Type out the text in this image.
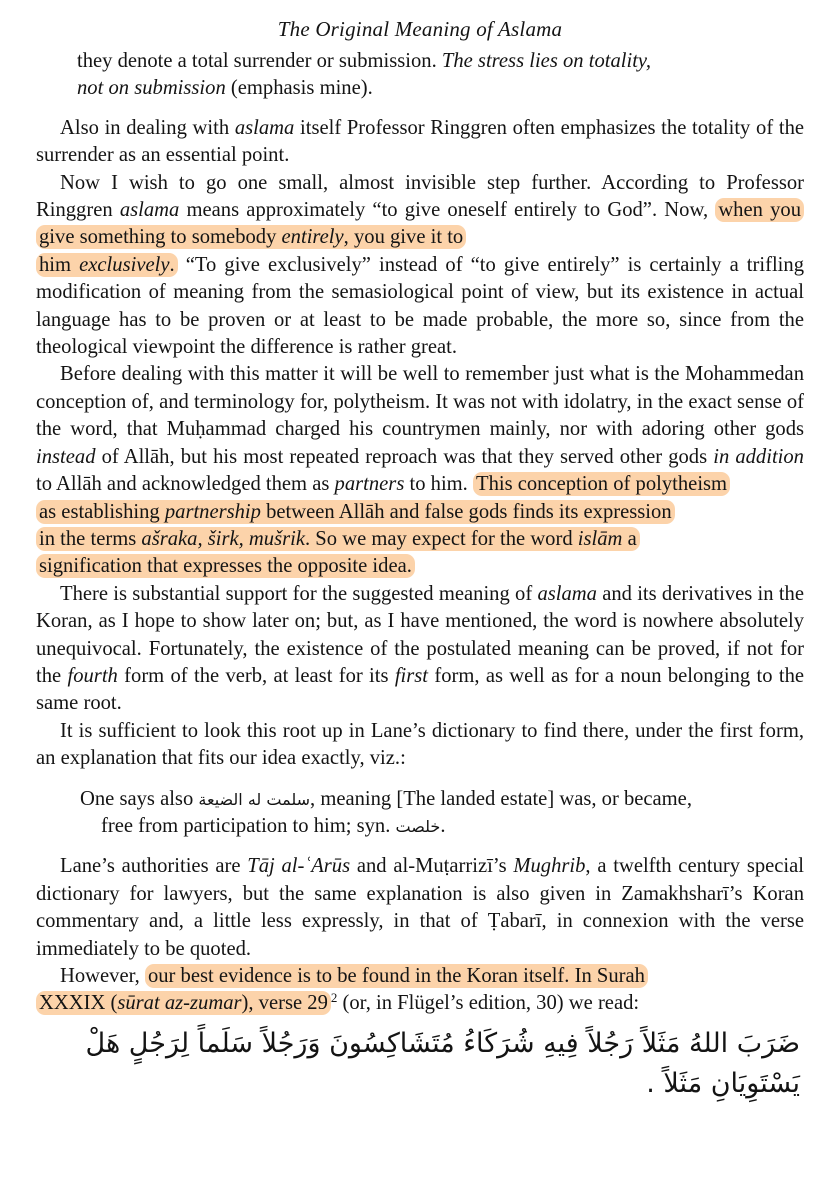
The Original Meaning of Aslama

they denote a total surrender or submission. The stress lies on totality,
not on submission (emphasis mine).

Also in dealing with aslama itself Professor Ringgren often emphasizes the totality of the surrender as an essential point.

Now I wish to go one small, almost invisible step further. According to Professor Ringgren aslama means approximately “to give oneself entirely to God”. Now, when you give something to somebody entirely, you give it to
him exclusively. “To give exclusively” instead of “to give entirely” is certainly a trifling modification of meaning from the semasiological point of view, but its existence in actual language has to be proven or at least to be made probable, the more so, since from the theological viewpoint the difference is rather great.

Before dealing with this matter it will be well to remember just what is the Mohammedan conception of, and terminology for, polytheism. It was not with idolatry, in the exact sense of the word, that Muḥammad charged his countrymen mainly, nor with adoring other gods instead of Allāh, but his most repeated reproach was that they served other gods in addition to Allāh and acknowledged them as partners to him. This conception of polytheism
as establishing partnership between Allāh and false gods finds its expression
in the terms ašraka, širk, mušrik. So we may expect for the word islām a
signification that expresses the opposite idea.

There is substantial support for the suggested meaning of aslama and its derivatives in the Koran, as I hope to show later on; but, as I have mentioned, the word is nowhere absolutely unequivocal. Fortunately, the existence of the postulated meaning can be proved, if not for the fourth form of the verb, at least for its first form, as well as for a noun belonging to the same root.

It is sufficient to look this root up in Lane’s dictionary to find there, under the first form, an explanation that fits our idea exactly, viz.:

One says also سلمت له الضيعة, meaning [The landed estate] was, or became,
free from participation to him; syn. خلصت.

Lane’s authorities are Tāj al-ʿArūs and al-Muṭarrizī’s Mughrib, a twelfth century special dictionary for lawyers, but the same explanation is also given in Zamakhsharī’s Koran commentary and, a little less expressly, in that of Ṭabarī, in connexion with the verse immediately to be quoted.

However, our best evidence is to be found in the Koran itself. In Surah
XXXIX (sūrat az-zumar), verse 29 $^2$ (or, in Flügel’s edition, 30) we read:

ضَرَبَ اللهُ مَثَلاً رَجُلاً فِيهِ شُرَكَاءُ مُتَشَاكِسُونَ وَرَجُلاً سَلَماً لِرَجُلٍ هَلْ
يَسْتَوِيَانِ مَثَلاً .
